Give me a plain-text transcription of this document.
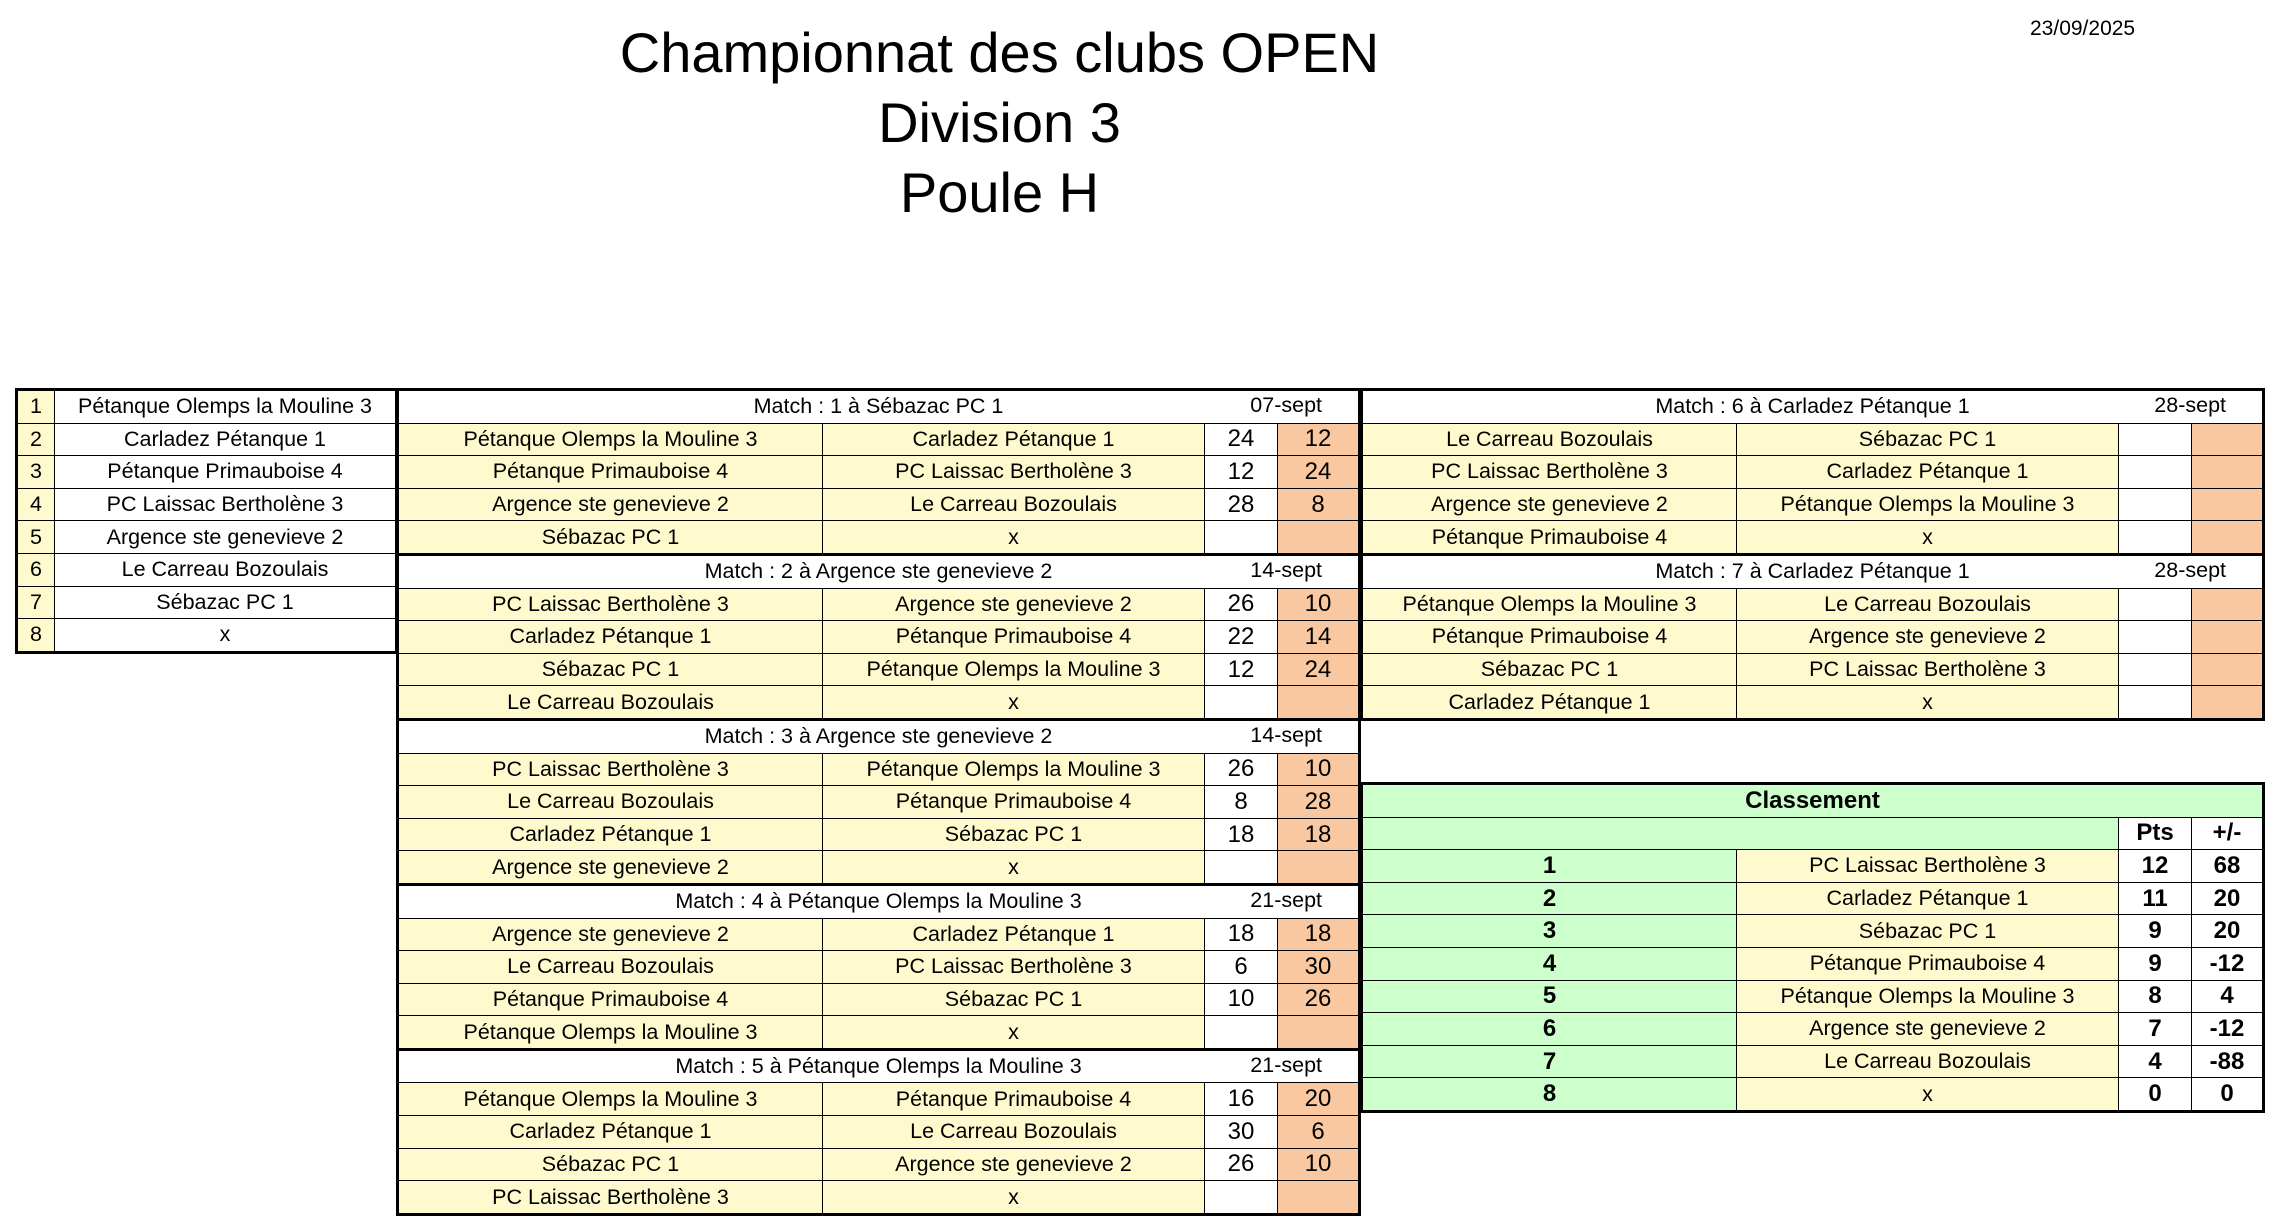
Championnat des clubs OPEN
Division 3
Poule H
23/09/2025
1	Pétanque Olemps la Mouline 3
2	Carladez Pétanque 1
3	Pétanque Primauboise 4
4	PC Laissac Bertholène 3
5	Argence ste genevieve 2
6	Le Carreau Bozoulais
7	Sébazac PC 1
8	x
Match : 1 à Sébazac PC 1 07-sept			

Pétanque Olemps la Mouline 3	Carladez Pétanque 1	24	12
Pétanque Primauboise 4	PC Laissac Bertholène 3	12	24
Argence ste genevieve 2	Le Carreau Bozoulais	28	8
Sébazac PC 1	x		
Match : 2 à Argence ste genevieve 2 14-sept			

PC Laissac Bertholène 3	Argence ste genevieve 2	26	10
Carladez Pétanque 1	Pétanque Primauboise 4	22	14
Sébazac PC 1	Pétanque Olemps la Mouline 3	12	24
Le Carreau Bozoulais	x		
Match : 3 à Argence ste genevieve 2 14-sept			

PC Laissac Bertholène 3	Pétanque Olemps la Mouline 3	26	10
Le Carreau Bozoulais	Pétanque Primauboise 4	8	28
Carladez Pétanque 1	Sébazac PC 1	18	18
Argence ste genevieve 2	x		
Match : 4 à Pétanque Olemps la Mouline 3 21-sept			

Argence ste genevieve 2	Carladez Pétanque 1	18	18
Le Carreau Bozoulais	PC Laissac Bertholène 3	6	30
Pétanque Primauboise 4	Sébazac PC 1	10	26
Pétanque Olemps la Mouline 3	x		
Match : 5 à Pétanque Olemps la Mouline 3 21-sept			

Pétanque Olemps la Mouline 3	Pétanque Primauboise 4	16	20
Carladez Pétanque 1	Le Carreau Bozoulais	30	6
Sébazac PC 1	Argence ste genevieve 2	26	10
PC Laissac Bertholène 3	x		
Match : 6 à Carladez Pétanque 1 28-sept			

Le Carreau Bozoulais	Sébazac PC 1		
PC Laissac Bertholène 3	Carladez Pétanque 1		
Argence ste genevieve 2	Pétanque Olemps la Mouline 3		
Pétanque Primauboise 4	x		
Match : 7 à Carladez Pétanque 1 28-sept			

Pétanque Olemps la Mouline 3	Le Carreau Bozoulais		
Pétanque Primauboise 4	Argence ste genevieve 2		
Sébazac PC 1	PC Laissac Bertholène 3		
Carladez Pétanque 1	x		
Classement			
		Pts	+/-
1	PC Laissac Bertholène 3	12	68
2	Carladez Pétanque 1	11	20
3	Sébazac PC 1	9	20
4	Pétanque Primauboise 4	9	-12
5	Pétanque Olemps la Mouline 3	8	4
6	Argence ste genevieve 2	7	-12
7	Le Carreau Bozoulais	4	-88
8	x	0	0
